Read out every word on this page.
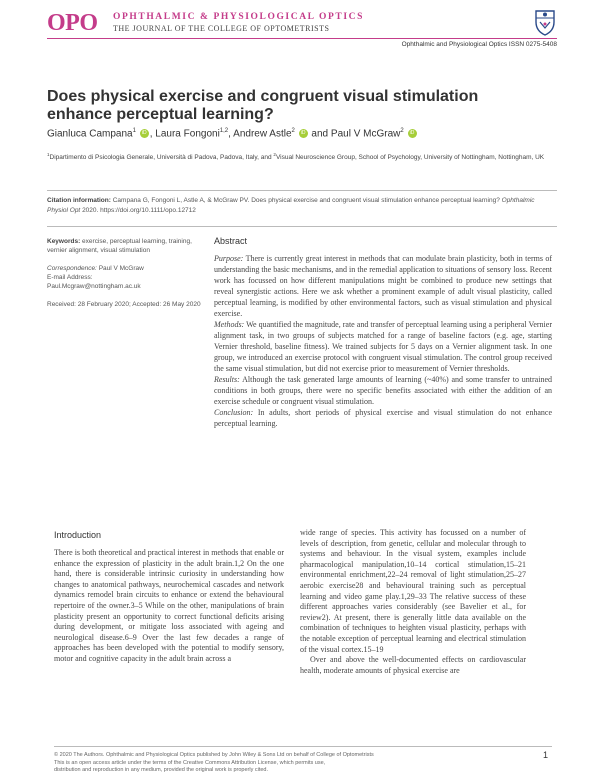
OPO OPHTHALMIC & PHYSIOLOGICAL OPTICS
THE JOURNAL OF THE COLLEGE OF OPTOMETRISTS
Ophthalmic and Physiological Optics ISSN 0275-5408
Does physical exercise and congruent visual stimulation enhance perceptual learning?
Gianluca Campana$^1$ iD , Laura Fongoni$^{1,2}$, Andrew Astle$^2$ iD and Paul V McGraw$^2$ iD
$^1$Dipartimento di Psicologia Generale, Università di Padova, Padova, Italy, and $^2$Visual Neuroscience Group, School of Psychology, University of Nottingham, Nottingham, UK
Citation information: Campana G, Fongoni L, Astle A, & McGraw PV. Does physical exercise and congruent visual stimulation enhance perceptual learning? Ophthalmic Physiol Opt 2020. https://doi.org/10.1111/opo.12712
Keywords: exercise, perceptual learning, training, vernier alignment, visual stimulation
Correspondence: Paul V McGraw
E-mail Address:
Paul.Mcgraw@nottingham.ac.uk
Received: 28 February 2020; Accepted: 26 May 2020
Abstract

Purpose: There is currently great interest in methods that can modulate brain plasticity, both in terms of understanding the basic mechanisms, and in the remedial application to situations of sensory loss. Recent work has focussed on how different manipulations might be combined to produce new settings that reveal synergistic actions. Here we ask whether a prominent example of adult visual plasticity, called perceptual learning, is modified by other environmental factors, such as visual stimulation and physical exercise.

Methods: We quantified the magnitude, rate and transfer of perceptual learning using a peripheral Vernier alignment task, in two groups of subjects matched for a range of baseline factors (e.g. age, starting Vernier threshold, baseline fitness). We trained subjects for 5 days on a Vernier alignment task. In one group, we introduced an exercise protocol with congruent visual stimulation. The control group received the same visual stimulation, but did not exercise prior to measurement of Vernier thresholds.

Results: Although the task generated large amounts of learning (~40%) and some transfer to untrained conditions in both groups, there were no specific benefits associated with either the addition of an exercise schedule or congruent visual stimulation.

Conclusion: In adults, short periods of physical exercise and visual stimulation do not enhance perceptual learning.

Introduction
There is both theoretical and practical interest in methods that enable or enhance the expression of plasticity in the adult brain.1,2 On the one hand, there is considerable intrinsic curiosity in understanding how changes to anatomical pathways, neurochemical cascades and network dynamics remodel brain circuits to enhance or extend the behavioural repertoire of the owner.3–5 While on the other, manipulations of brain plasticity present an opportunity to correct functional deficits arising during development, or mitigate loss associated with ageing and neurological disease.6–9 Over the last few decades a range of approaches has been developed with the potential to modify sensory, motor and cognitive capacity in the adult brain across a

wide range of species. This activity has focussed on a number of levels of description, from genetic, cellular and molecular through to systems and behaviour. In the visual system, examples include pharmacological manipulation,10–14 cortical stimulation,15–21 environmental enrichment,22–24 removal of light stimulation,25–27 aerobic exercise28 and behavioural training such as perceptual learning and video game play.1,29–33 The relative success of these different approaches varies considerably (see Bavelier et al., for review2). At present, there is generally little data available on the combination of techniques to heighten visual plasticity, perhaps with the notable exception of perceptual learning and electrical stimulation of the visual cortex.15–19

Over and above the well-documented effects on cardiovascular health, moderate amounts of physical exercise are

© 2020 The Authors. Ophthalmic and Physiological Optics published by John Wiley & Sons Ltd on behalf of College of Optometrists
This is an open access article under the terms of the Creative Commons Attribution License, which permits use,
distribution and reproduction in any medium, provided the original work is properly cited.
1
